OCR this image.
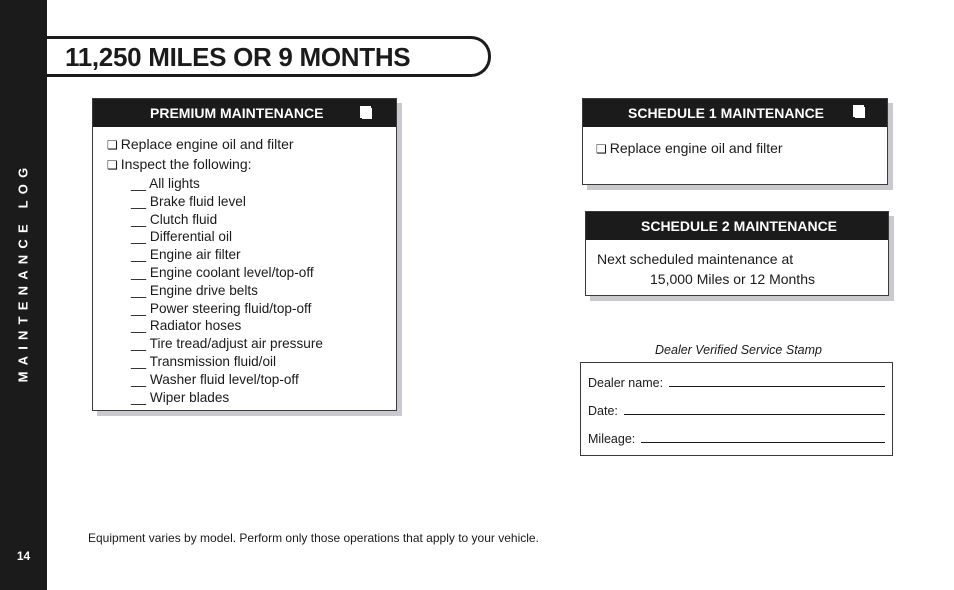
MAINTENANCE LOG
14
11,250 MILES OR 9 MONTHS
PREMIUM MAINTENANCE
❏ Replace engine oil and filter
❏ Inspect the following:
__ All lights
__ Brake fluid level
__ Clutch fluid
__ Differential oil
__ Engine air filter
__ Engine coolant level/top-off
__ Engine drive belts
__ Power steering fluid/top-off
__ Radiator hoses
__ Tire tread/adjust air pressure
__ Transmission fluid/oil
__ Washer fluid level/top-off
__ Wiper blades
SCHEDULE 1 MAINTENANCE
❏ Replace engine oil and filter
SCHEDULE 2 MAINTENANCE
Next scheduled maintenance at
15,000 Miles or 12 Months
Dealer Verified Service Stamp
Dealer name:
Date:
Mileage:
Equipment varies by model. Perform only those operations that apply to your vehicle.
